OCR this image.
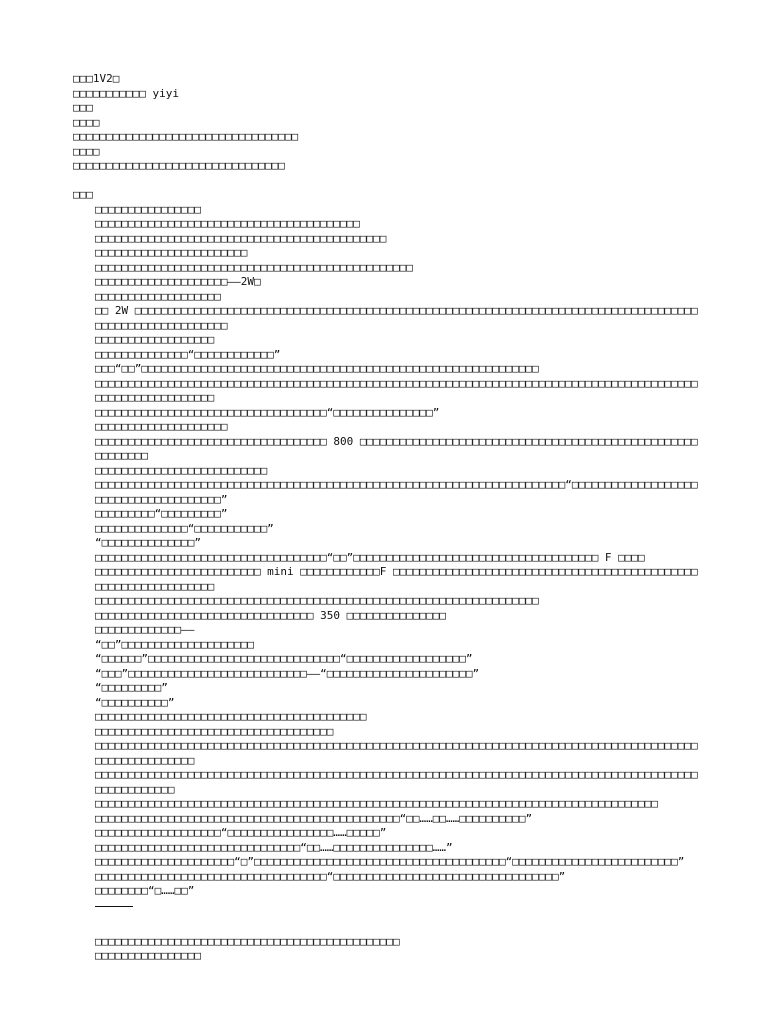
□□□1V2□
□□□□□□□□□□□ yiyi
□□□
□□□□
□□□□□□□□□□□□□□□□□□□□□□□□□□□□□□□□□□
□□□□
□□□□□□□□□□□□□□□□□□□□□□□□□□□□□□□□
□□□
□□□□□□□□□□□□□□□□
□□□□□□□□□□□□□□□□□□□□□□□□□□□□□□□□□□□□□□□□
□□□□□□□□□□□□□□□□□□□□□□□□□□□□□□□□□□□□□□□□□□□□
□□□□□□□□□□□□□□□□□□□□□□□
□□□□□□□□□□□□□□□□□□□□□□□□□□□□□□□□□□□□□□□□□□□□□□□□
□□□□□□□□□□□□□□□□□□□□——2W□
□□□□□□□□□□□□□□□□□□□
□□ 2W □□□□□□□□□□□□□□□□□□□□□□□□□□□□□□□□□□□□□□□□□□□□□□□□□□□□□□□□□□□□□□□□□□□□□□□□□□□□□□□□□□□□□□□□□□□□□□□□□□□□□□□□□
□□□□□□□□□□□□□□□□□□
□□□□□□□□□□□□□□“□□□□□□□□□□□□”
□□□“□□”□□□□□□□□□□□□□□□□□□□□□□□□□□□□□□□□□□□□□□□□□□□□□□□□□□□□□□□□□□□□
□□□□□□□□□□□□□□□□□□□□□□□□□□□□□□□□□□□□□□□□□□□□□□□□□□□□□□□□□□□□□□□□□□□□□□□□□□□□□□□□□□□□□□□□□□□□□□□□□□□□□□□□□□□□□
□□□□□□□□□□□□□□□□□□□□□□□□□□□□□□□□□□□“□□□□□□□□□□□□□□□”
□□□□□□□□□□□□□□□□□□□□
□□□□□□□□□□□□□□□□□□□□□□□□□□□□□□□□□□□ 800 □□□□□□□□□□□□□□□□□□□□□□□□□□□□□□□□□□□□□□□□□□□□□□□□□□□□□□□□□□□
□□□□□□□□□□□□□□□□□□□□□□□□□□
□□□□□□□□□□□□□□□□□□□□□□□□□□□□□□□□□□□□□□□□□□□□□□□□□□□□□□□□□□□□□□□□□□□□□□□“□□□□□□□□□□□□□□□□□□□□□□□□□□□□□□□□□□□□□□”
□□□□□□□□□“□□□□□□□□□”
□□□□□□□□□□□□□□“□□□□□□□□□□□”
“□□□□□□□□□□□□□□”
□□□□□□□□□□□□□□□□□□□□□□□□□□□□□□□□□□□“□□”□□□□□□□□□□□□□□□□□□□□□□□□□□□□□□□□□□□□□ F □□□□
□□□□□□□□□□□□□□□□□□□□□□□□□ mini □□□□□□□□□□□□F □□□□□□□□□□□□□□□□□□□□□□□□□□□□□□□□□□□□□□□□□□□□□□□□□□□□□□□□□□□□□□□□
□□□□□□□□□□□□□□□□□□□□□□□□□□□□□□□□□□□□□□□□□□□□□□□□□□□□□□□□□□□□□□□□□□□
□□□□□□□□□□□□□□□□□□□□□□□□□□□□□□□□□ 350 □□□□□□□□□□□□□□□
□□□□□□□□□□□□□——
“□□”□□□□□□□□□□□□□□□□□□□□
“□□□□□□”□□□□□□□□□□□□□□□□□□□□□□□□□□□□□“□□□□□□□□□□□□□□□□□□”
“□□□”□□□□□□□□□□□□□□□□□□□□□□□□□□□——“□□□□□□□□□□□□□□□□□□□□□□”
“□□□□□□□□□”
“□□□□□□□□□□”
□□□□□□□□□□□□□□□□□□□□□□□□□□□□□□□□□□□□□□□□□
□□□□□□□□□□□□□□□□□□□□□□□□□□□□□□□□□□□□
□□□□□□□□□□□□□□□□□□□□□□□□□□□□□□□□□□□□□□□□□□□□□□□□□□□□□□□□□□□□□□□□□□□□□□□□□□□□□□□□□□□□□□□□□□□□□□□□□□□□□□□□□□
□□□□□□□□□□□□□□□□□□□□□□□□□□□□□□□□□□□□□□□□□□□□□□□□□□□□□□□□□□□□□□□□□□□□□□□□□□□□□□□□□□□□□□□□□□□□□□□□□□□□□□□
□□□□□□□□□□□□□□□□□□□□□□□□□□□□□□□□□□□□□□□□□□□□□□□□□□□□□□□□□□□□□□□□□□□□□□□□□□□□□□□□□□□□□
□□□□□□□□□□□□□□□□□□□□□□□□□□□□□□□□□□□□□□□□□□□□□□“□□……□□……□□□□□□□□□□”
□□□□□□□□□□□□□□□□□□□“□□□□□□□□□□□□□□□□……□□□□□”
□□□□□□□□□□□□□□□□□□□□□□□□□□□□□□□“□□……□□□□□□□□□□□□□□□……”
□□□□□□□□□□□□□□□□□□□□□“□”□□□□□□□□□□□□□□□□□□□□□□□□□□□□□□□□□□□□□□“□□□□□□□□□□□□□□□□□□□□□□□□□”
□□□□□□□□□□□□□□□□□□□□□□□□□□□□□□□□□□□“□□□□□□□□□□□□□□□□□□□□□□□□□□□□□□□□□□”
□□□□□□□□“□……□□”
□□□□□□□□□□□□□□□□□□□□□□□□□□□□□□□□□□□□□□□□□□□□□□
□□□□□□□□□□□□□□□□
